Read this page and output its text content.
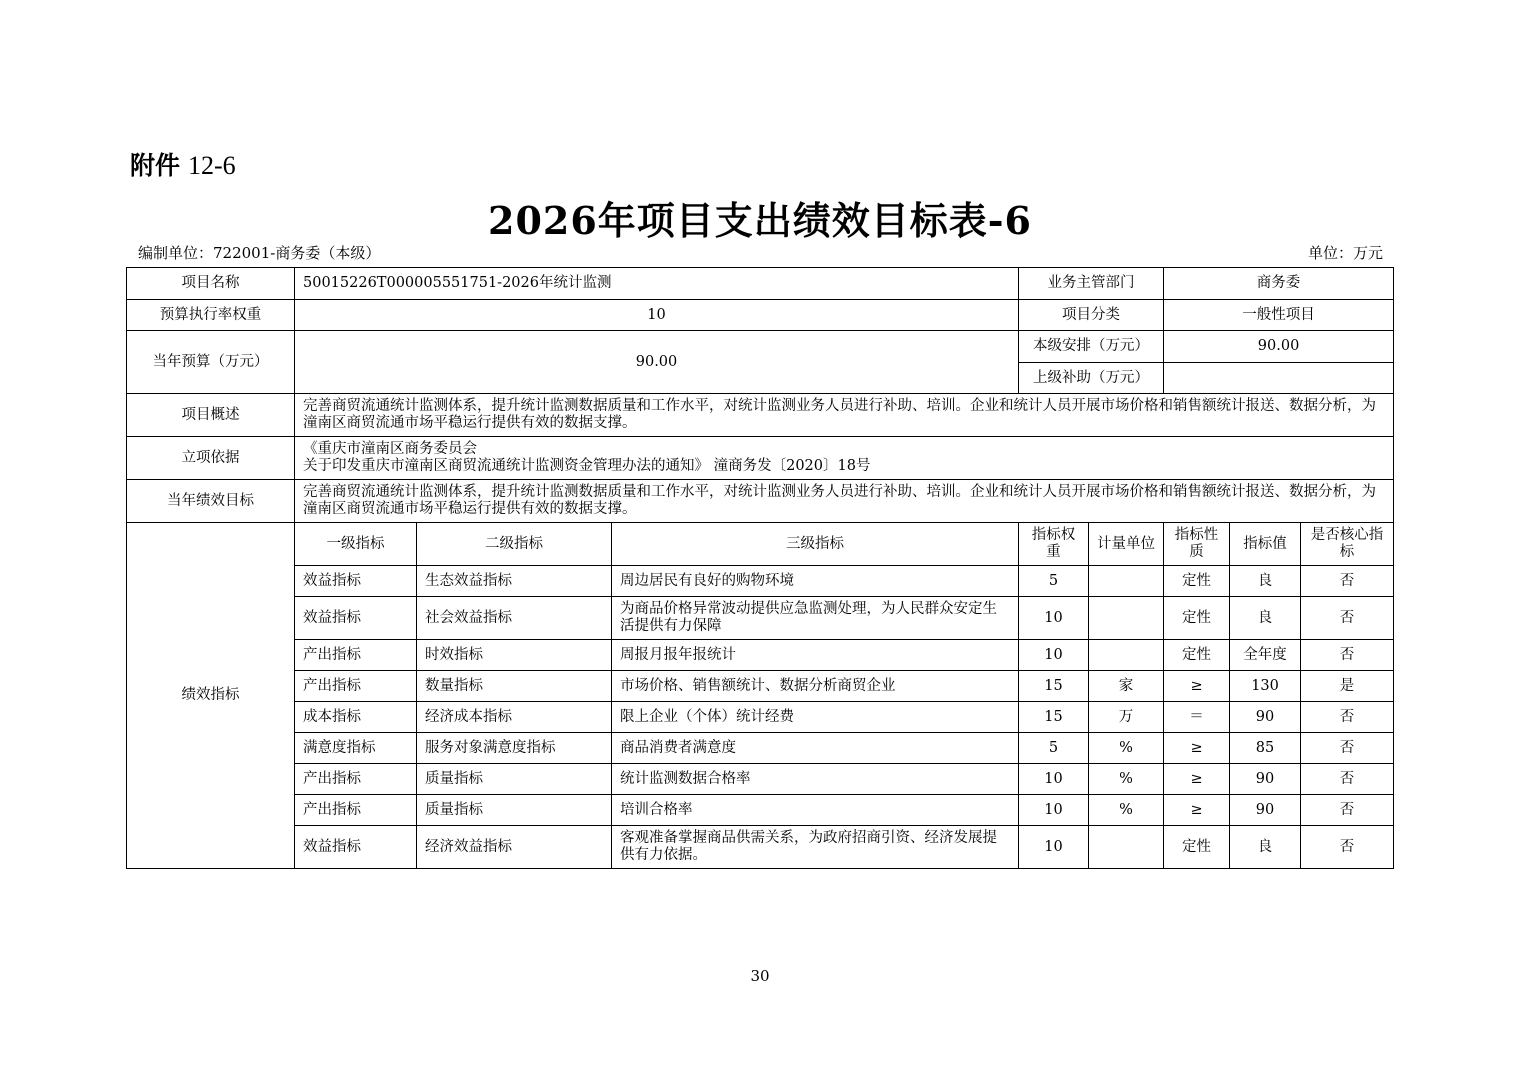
附件 12-6
2026年项目支出绩效目标表-6
编制单位：722001-商务委（本级）	单位：万元
项目名称	50015226T000005551751-2026年统计监测			业务主管部门		商务委		
预算执行率权重	10			项目分类		一般性项目		
当年预算（万元）	90.00			本级安排（万元）		90.00		
				上级补助（万元）				
项目概述	完善商贸流通统计监测体系，提升统计监测数据质量和工作水平，对统计监测业务人员进行补助、培训。企业和统计人员开展市场价格和销售额统计报送、数据分析，为潼南区商贸流通市场平稳运行提供有效的数据支撑。							
立项依据	《重庆市潼南区商务委员会
关于印发重庆市潼南区商贸流通统计监测资金管理办法的通知》 潼商务发〔2020〕18号							

当年绩效目标	完善商贸流通统计监测体系，提升统计监测数据质量和工作水平，对统计监测业务人员进行补助、培训。企业和统计人员开展市场价格和销售额统计报送、数据分析，为潼南区商贸流通市场平稳运行提供有效的数据支撑。							
绩效指标	一级指标	二级指标	三级指标	指标权重	计量单位	指标性质	指标值	是否核心指标
	效益指标	生态效益指标	周边居民有良好的购物环境	5		定性	良	否
	效益指标	社会效益指标	为商品价格异常波动提供应急监测处理，为人民群众安定生活提供有力保障	10		定性	良	否
	产出指标	时效指标	周报月报年报统计	10		定性	全年度	否
	产出指标	数量指标	市场价格、销售额统计、数据分析商贸企业	15	家	≥	130	是
	成本指标	经济成本指标	限上企业（个体）统计经费	15	万	＝	90	否
	满意度指标	服务对象满意度指标	商品消费者满意度	5	%	≥	85	否
	产出指标	质量指标	统计监测数据合格率	10	%	≥	90	否
	产出指标	质量指标	培训合格率	10	%	≥	90	否
	效益指标	经济效益指标	客观准备掌握商品供需关系，为政府招商引资、经济发展提供有力依据。	10		定性	良	否
30
